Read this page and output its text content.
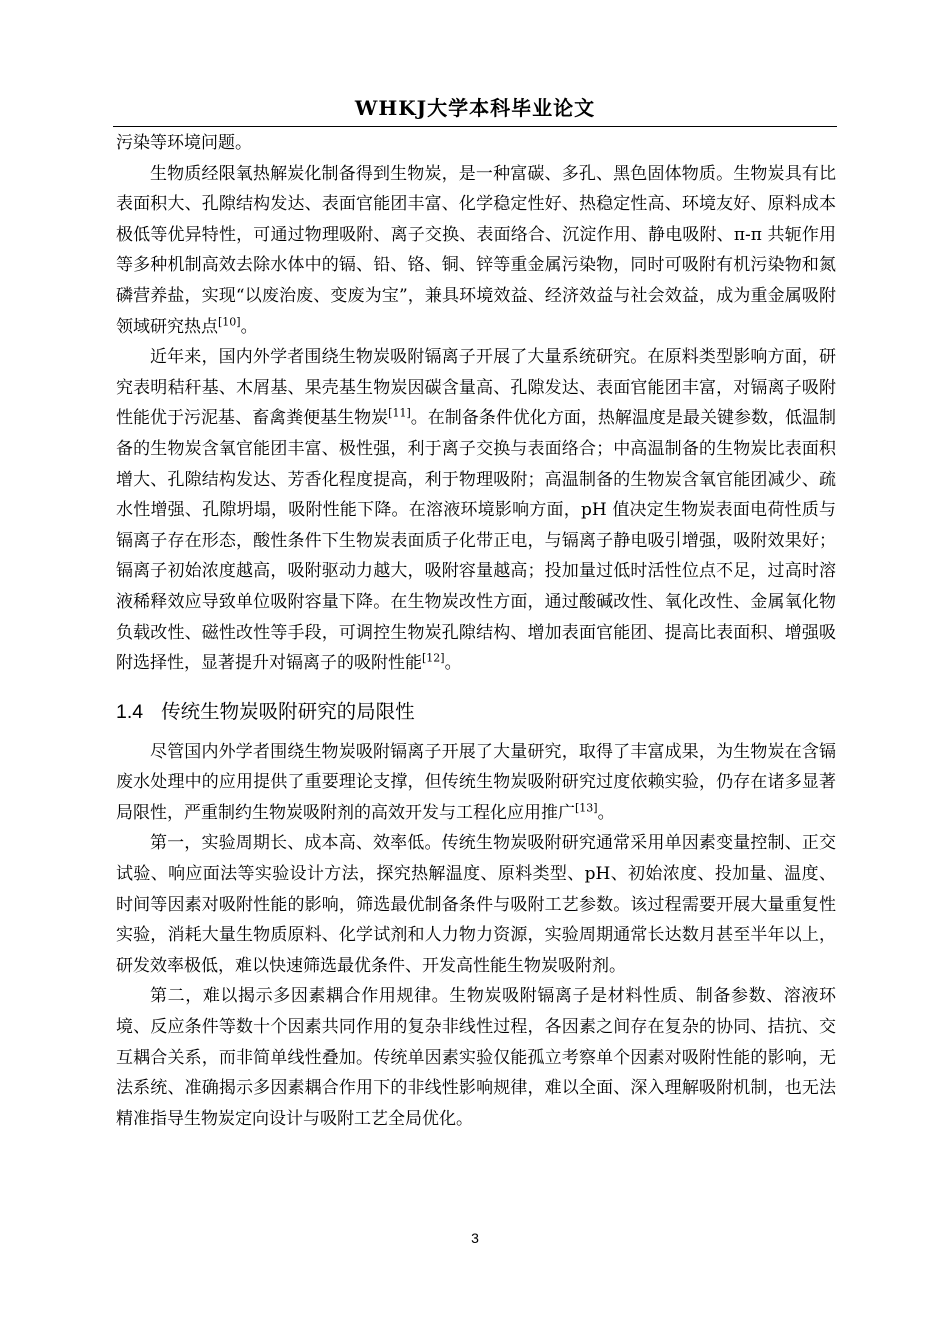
WHKJ大学本科毕业论文

污染等环境问题。

生物质经限氧热解炭化制备得到生物炭，是一种富碳、多孔、黑色固体物质。生物炭具有比表面积大、孔隙结构发达、表面官能团丰富、化学稳定性好、热稳定性高、环境友好、原料成本极低等优异特性，可通过物理吸附、离子交换、表面络合、沉淀作用、静电吸附、π-π 共轭作用等多种机制高效去除水体中的镉、铅、铬、铜、锌等重金属污染物，同时可吸附有机污染物和氮磷营养盐，实现“以废治废、变废为宝”，兼具环境效益、经济效益与社会效益，成为重金属吸附领域研究热点[10]。

近年来，国内外学者围绕生物炭吸附镉离子开展了大量系统研究。在原料类型影响方面，研究表明秸秆基、木屑基、果壳基生物炭因碳含量高、孔隙发达、表面官能团丰富，对镉离子吸附性能优于污泥基、畜禽粪便基生物炭[11]。在制备条件优化方面，热解温度是最关键参数，低温制备的生物炭含氧官能团丰富、极性强，利于离子交换与表面络合；中高温制备的生物炭比表面积增大、孔隙结构发达、芳香化程度提高，利于物理吸附；高温制备的生物炭含氧官能团减少、疏水性增强、孔隙坍塌，吸附性能下降。在溶液环境影响方面，pH 值决定生物炭表面电荷性质与镉离子存在形态，酸性条件下生物炭表面质子化带正电，与镉离子静电吸引增强，吸附效果好；镉离子初始浓度越高，吸附驱动力越大，吸附容量越高；投加量过低时活性位点不足，过高时溶液稀释效应导致单位吸附容量下降。在生物炭改性方面，通过酸碱改性、氧化改性、金属氧化物负载改性、磁性改性等手段，可调控生物炭孔隙结构、增加表面官能团、提高比表面积、增强吸附选择性，显著提升对镉离子的吸附性能[12]。

1.4 传统生物炭吸附研究的局限性

尽管国内外学者围绕生物炭吸附镉离子开展了大量研究，取得了丰富成果，为生物炭在含镉废水处理中的应用提供了重要理论支撑，但传统生物炭吸附研究过度依赖实验，仍存在诸多显著局限性，严重制约生物炭吸附剂的高效开发与工程化应用推广[13]。

第一，实验周期长、成本高、效率低。传统生物炭吸附研究通常采用单因素变量控制、正交试验、响应面法等实验设计方法，探究热解温度、原料类型、pH、初始浓度、投加量、温度、时间等因素对吸附性能的影响，筛选最优制备条件与吸附工艺参数。该过程需要开展大量重复性实验，消耗大量生物质原料、化学试剂和人力物力资源，实验周期通常长达数月甚至半年以上，研发效率极低，难以快速筛选最优条件、开发高性能生物炭吸附剂。

第二，难以揭示多因素耦合作用规律。生物炭吸附镉离子是材料性质、制备参数、溶液环境、反应条件等数十个因素共同作用的复杂非线性过程，各因素之间存在复杂的协同、拮抗、交互耦合关系，而非简单线性叠加。传统单因素实验仅能孤立考察单个因素对吸附性能的影响，无法系统、准确揭示多因素耦合作用下的非线性影响规律，难以全面、深入理解吸附机制，也无法精准指导生物炭定向设计与吸附工艺全局优化。

3
